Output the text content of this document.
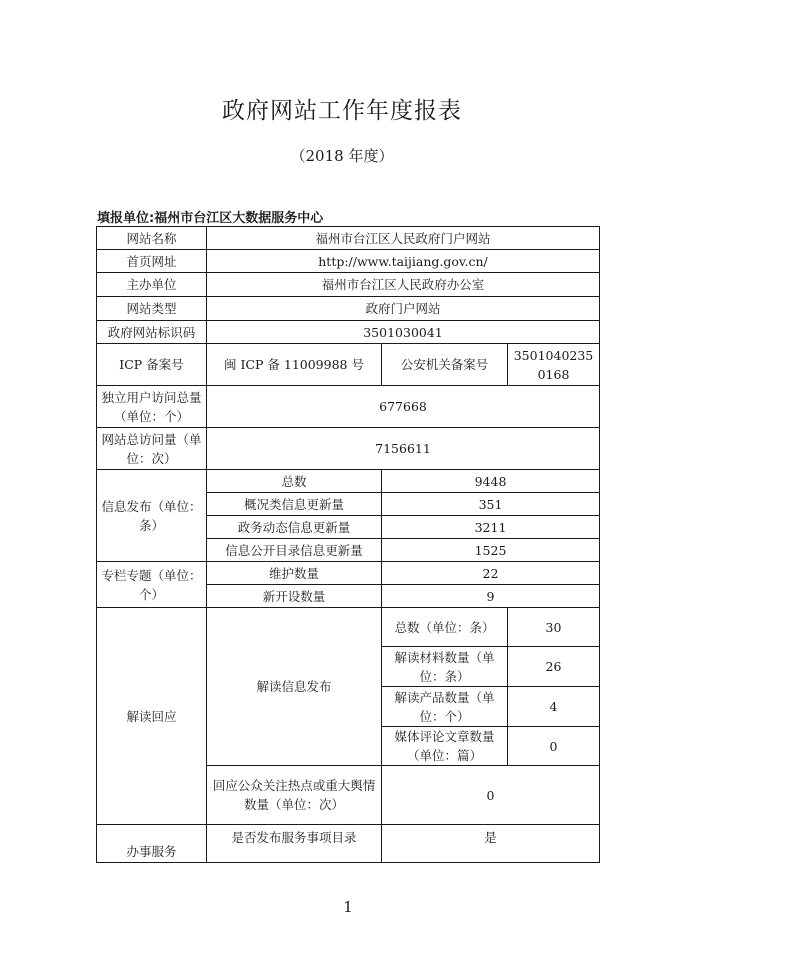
政府网站工作年度报表
（2018 年度）
填报单位:福州市台江区大数据服务中心
网站名称	福州市台江区人民政府门户网站		
首页网址	http://www.taijiang.gov.cn/		
主办单位	福州市台江区人民政府办公室		
网站类型	政府门户网站		
政府网站标识码	3501030041		
ICP 备案号	闽 ICP 备 11009988 号	公安机关备案号	35010402350168
独立用户访问总量（单位：个）	677668		
网站总访问量（单位：次）	7156611		
信息发布（单位：条）	总数	9448	
	概况类信息更新量	351	
	政务动态信息更新量	3211	
	信息公开目录信息更新量	1525	
专栏专题（单位：个）	维护数量	22	
	新开设数量	9	
解读回应	解读信息发布	总数（单位：条）	30
		解读材料数量（单位：条）	26
		解读产品数量（单位：个）	4
		媒体评论文章数量（单位：篇）	0
	回应公众关注热点或重大舆情数量（单位：次）	0	
办事服务	是否发布服务事项目录	是	
1
